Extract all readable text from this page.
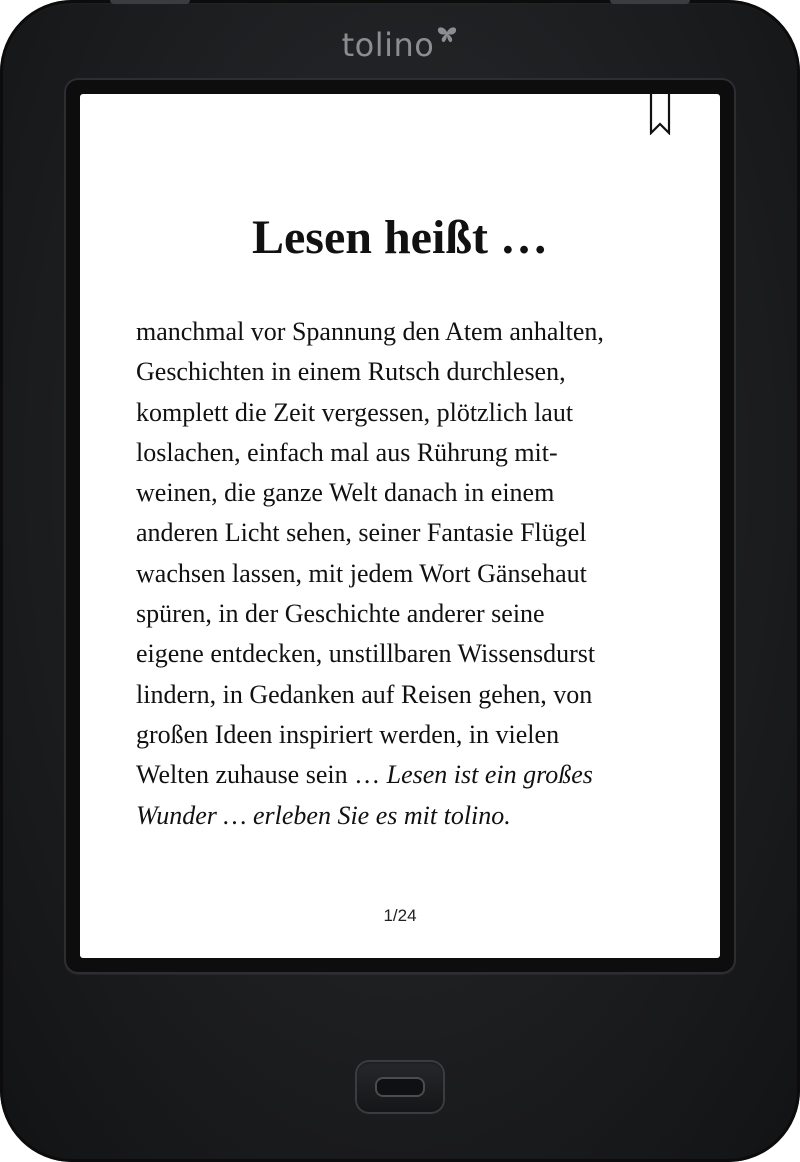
tolino
Lesen heißt …
manchmal vor Spannung den Atem anhalten,
Geschichten in einem Rutsch durchlesen,
komplett die Zeit vergessen, plötzlich laut
loslachen, einfach mal aus Rührung mit-
weinen, die ganze Welt danach in einem
anderen Licht sehen, seiner Fantasie Flügel
wachsen lassen, mit jedem Wort Gänsehaut
spüren, in der Geschichte anderer seine
eigene entdecken, unstillbaren Wissensdurst
lindern, in Gedanken auf Reisen gehen, von
großen Ideen inspiriert werden, in vielen
Welten zuhause sein … Lesen ist ein großes
Wunder … erleben Sie es mit tolino.
1/24
